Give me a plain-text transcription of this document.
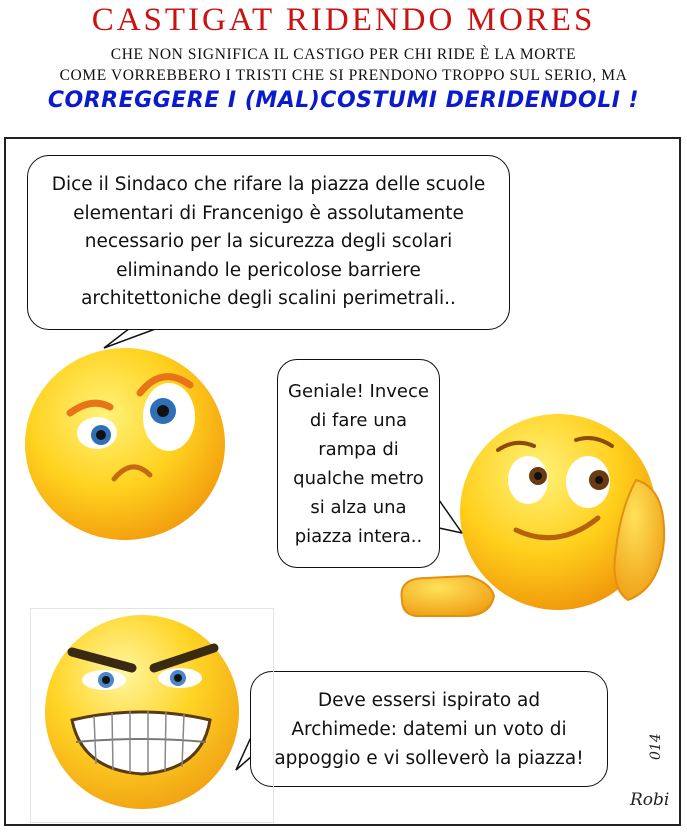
CASTIGAT RIDENDO MORES
CHE NON SIGNIFICA IL CASTIGO PER CHI RIDE È LA MORTE
COME VORREBBERO I TRISTI CHE SI PRENDONO TROPPO SUL SERIO, MA
CORREGGERE I (MAL)COSTUMI DERIDENDOLI !
Dice il Sindaco che rifare la piazza delle scuole
elementari di Francenigo è assolutamente
necessario per la sicurezza degli scolari
eliminando le pericolose barriere
architettoniche degli scalini perimetrali..
Geniale! Invece
di fare una
rampa di
qualche metro
si alza una
piazza intera..
Deve essersi ispirato ad
Archimede: datemi un voto di
appoggio e vi solleverò la piazza!	014
Robi
